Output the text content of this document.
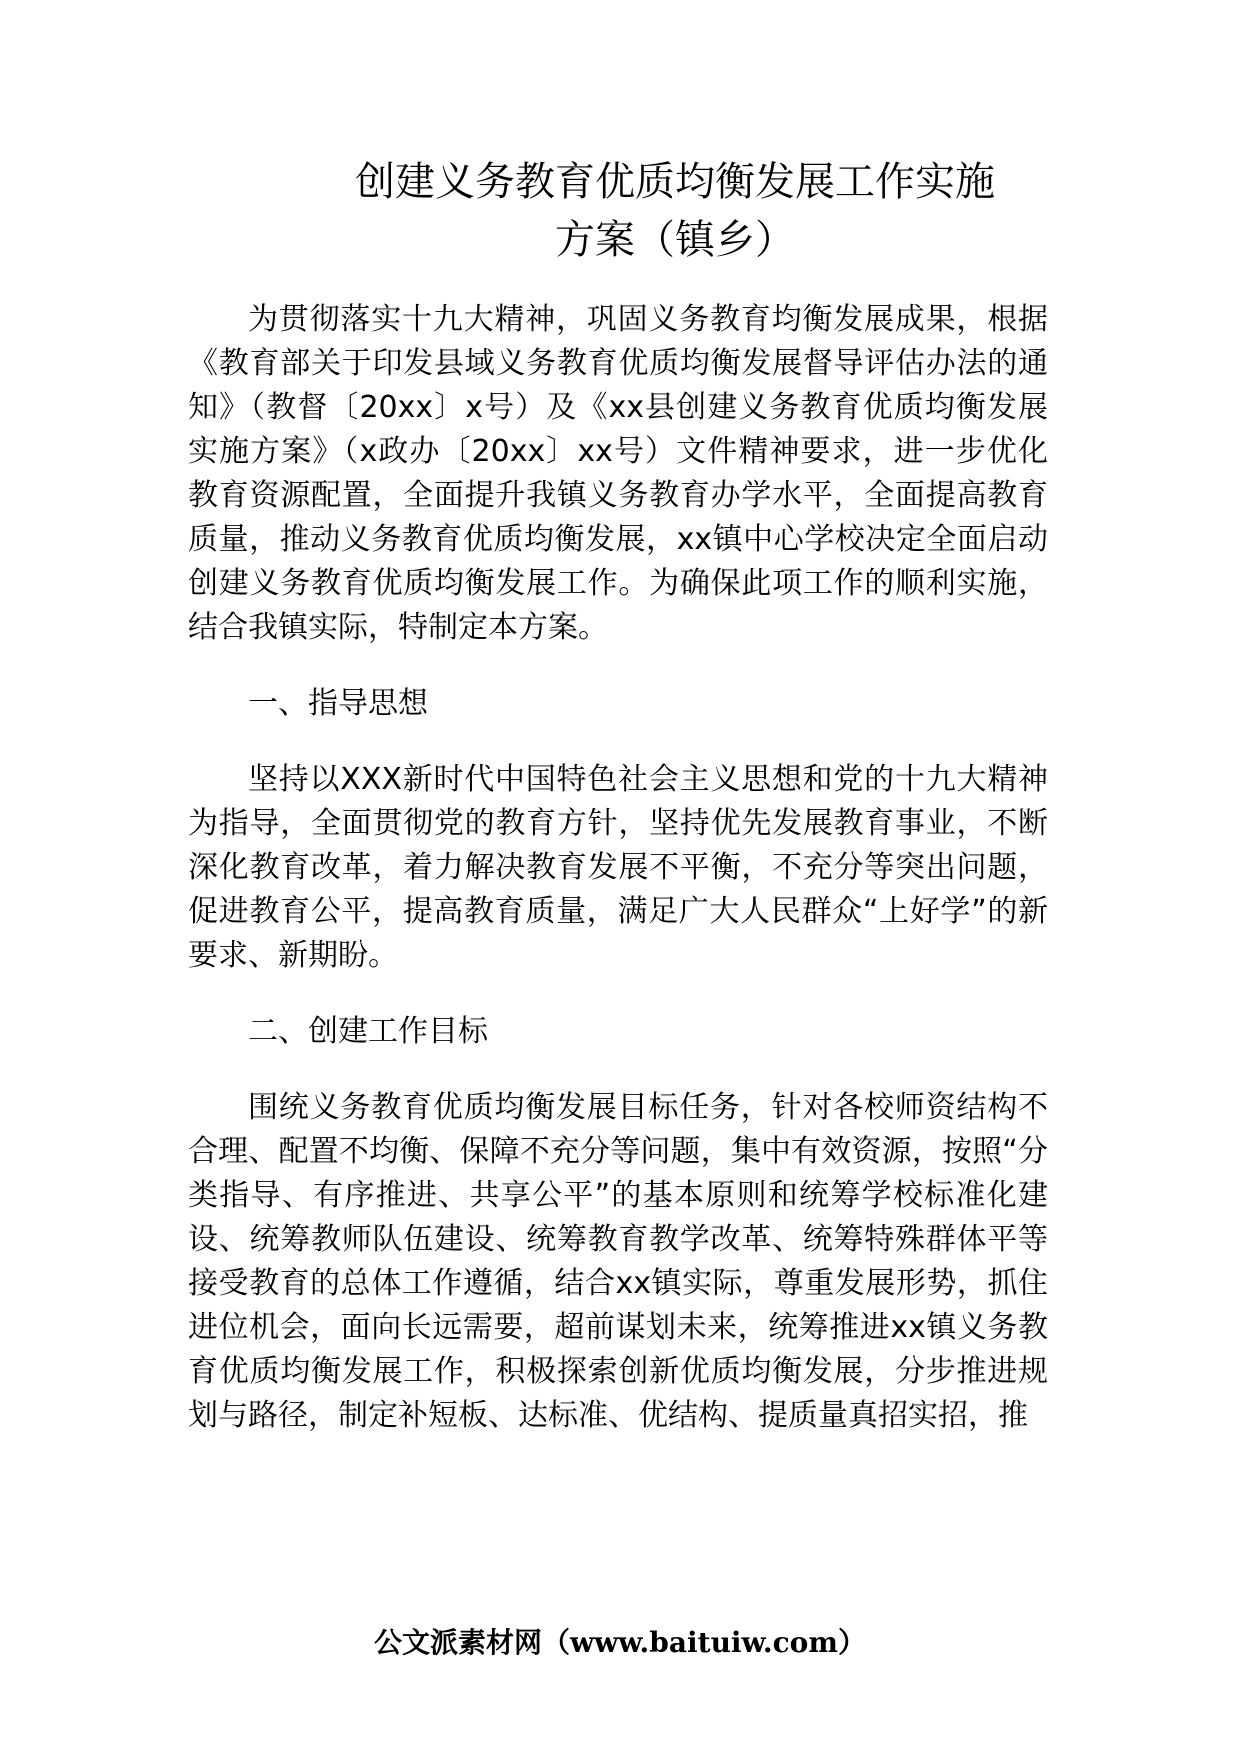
创建义务教育优质均衡发展工作实施
方案（镇乡）

为贯彻落实十九大精神，巩固义务教育均衡发展成果，根据《教育部关于印发县域义务教育优质均衡发展督导评估办法的通知》（教督〔20xx〕x号）及《xx县创建义务教育优质均衡发展实施方案》（x政办〔20xx〕xx号）文件精神要求，进一步优化教育资源配置，全面提升我镇义务教育办学水平，全面提高教育质量，推动义务教育优质均衡发展，xx镇中心学校决定全面启动创建义务教育优质均衡发展工作。为确保此项工作的顺利实施，结合我镇实际，特制定本方案。

一、指导思想

坚持以XXX新时代中国特色社会主义思想和党的十九大精神为指导，全面贯彻党的教育方针，坚持优先发展教育事业，不断深化教育改革，着力解决教育发展不平衡，不充分等突出问题，促进教育公平，提高教育质量，满足广大人民群众“上好学”的新要求、新期盼。

二、创建工作目标

围统义务教育优质均衡发展目标任务，针对各校师资结构不合理、配置不均衡、保障不充分等问题，集中有效资源，按照“分类指导、有序推进、共享公平”的基本原则和统筹学校标准化建设、统筹教师队伍建设、统筹教育教学改革、统筹特殊群体平等接受教育的总体工作遵循，结合xx镇实际，尊重发展形势，抓住进位机会，面向长远需要，超前谋划未来，统筹推进xx镇义务教育优质均衡发展工作，积极探索创新优质均衡发展，分步推进规划与路径，制定补短板、达标准、优结构、提质量真招实招，推

公文派素材网（www.baituiw.com）
